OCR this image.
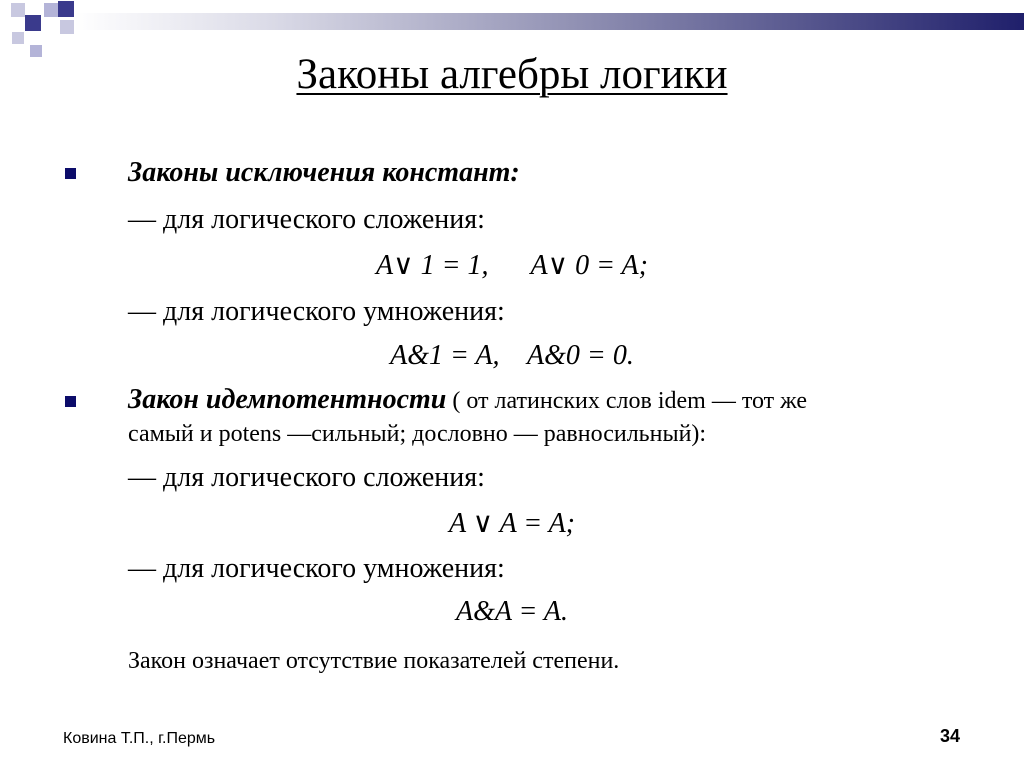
Законы алгебры логики
Законы исключения констант:
— для логического сложения:
A∨ 1 = 1, A∨ 0 = A;
— для логического умножения:
A&1 = A,    A&0 = 0.
Закон идемпотентности ( от латинских слов idem — тот же
самый и potens —сильный; дословно — равносильный):
— для логического сложения:
A ∨ A = A;
— для логического умножения:
A&A = A.
Закон означает отсутствие показателей степени.
Ковина Т.П., г.Пермь	34
